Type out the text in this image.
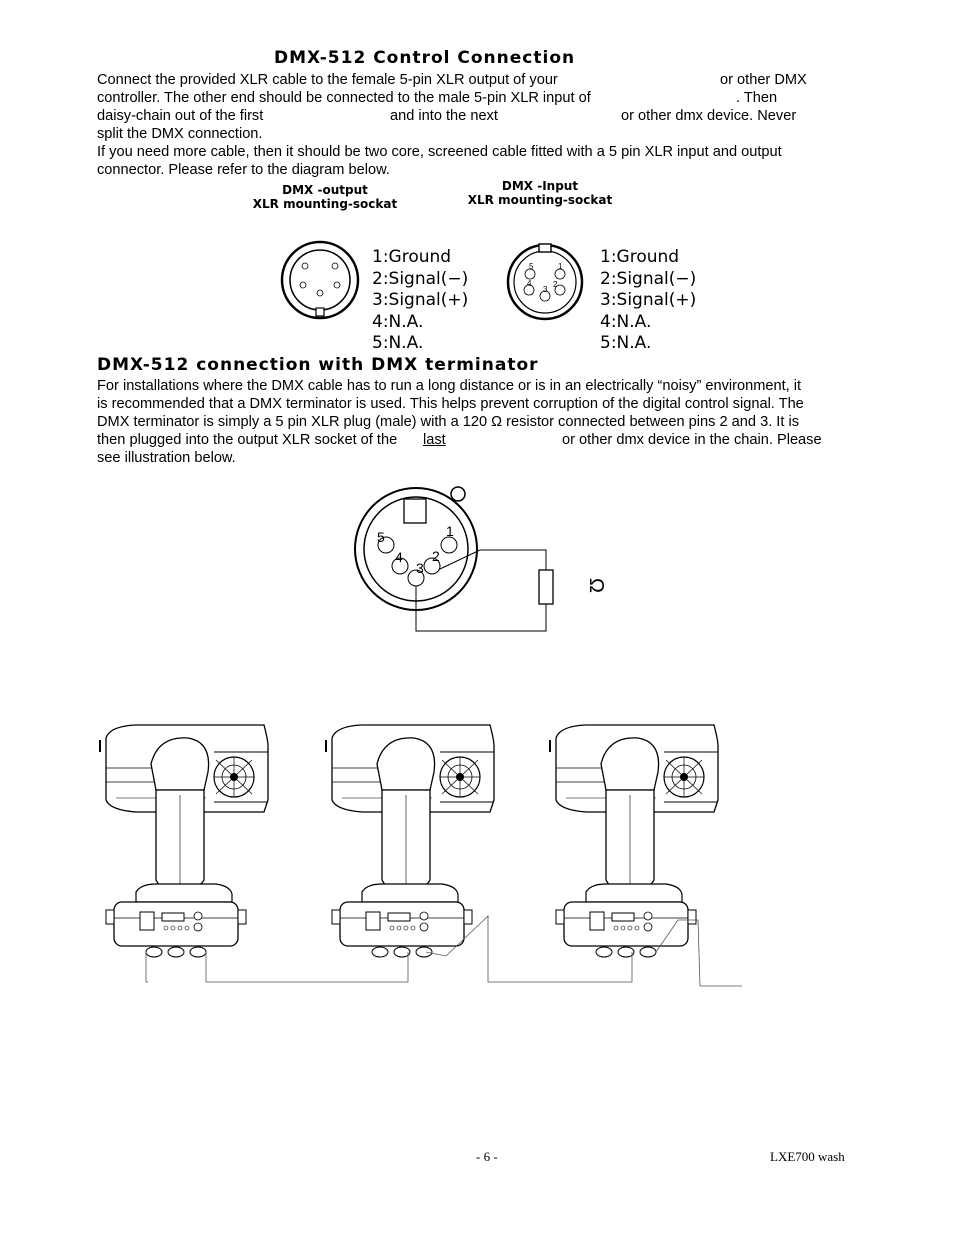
DMX-512 Control Connection
Connect the provided XLR cable to the female 5-pin XLR output of your	or other DMX
controller. The other end should be connected to the male 5-pin XLR input of	. Then
daisy-chain out of the first	and into the next	or other dmx device. Never
split the DMX connection.
If you need more cable, then it should be two core, screened cable fitted with a 5 pin XLR input and output
connector. Please refer to the diagram below.
DMX -output
XLR mounting-sockat
DMX -Input
XLR mounting-sockat
5	1
4	2
3
1:Ground
2:Signal(−)
3:Signal(+)
4:N.A.
5:N.A.
1:Ground
2:Signal(−)
3:Signal(+)
4:N.A.
5:N.A.
DMX-512 connection with DMX terminator
For installations where the DMX cable has to run a long distance or is in an electrically “noisy” environment, it
is recommended that a DMX terminator is used. This helps prevent corruption of the digital control signal. The
DMX terminator is simply a 5 pin XLR plug (male) with a 120 Ω resistor connected between pins 2 and 3. It is
then plugged into the output XLR socket of the last	or other dmx device in the chain. Please
see illustration below.
5	1
4 2
3
Ω
- 6 -	LXE700 wash
